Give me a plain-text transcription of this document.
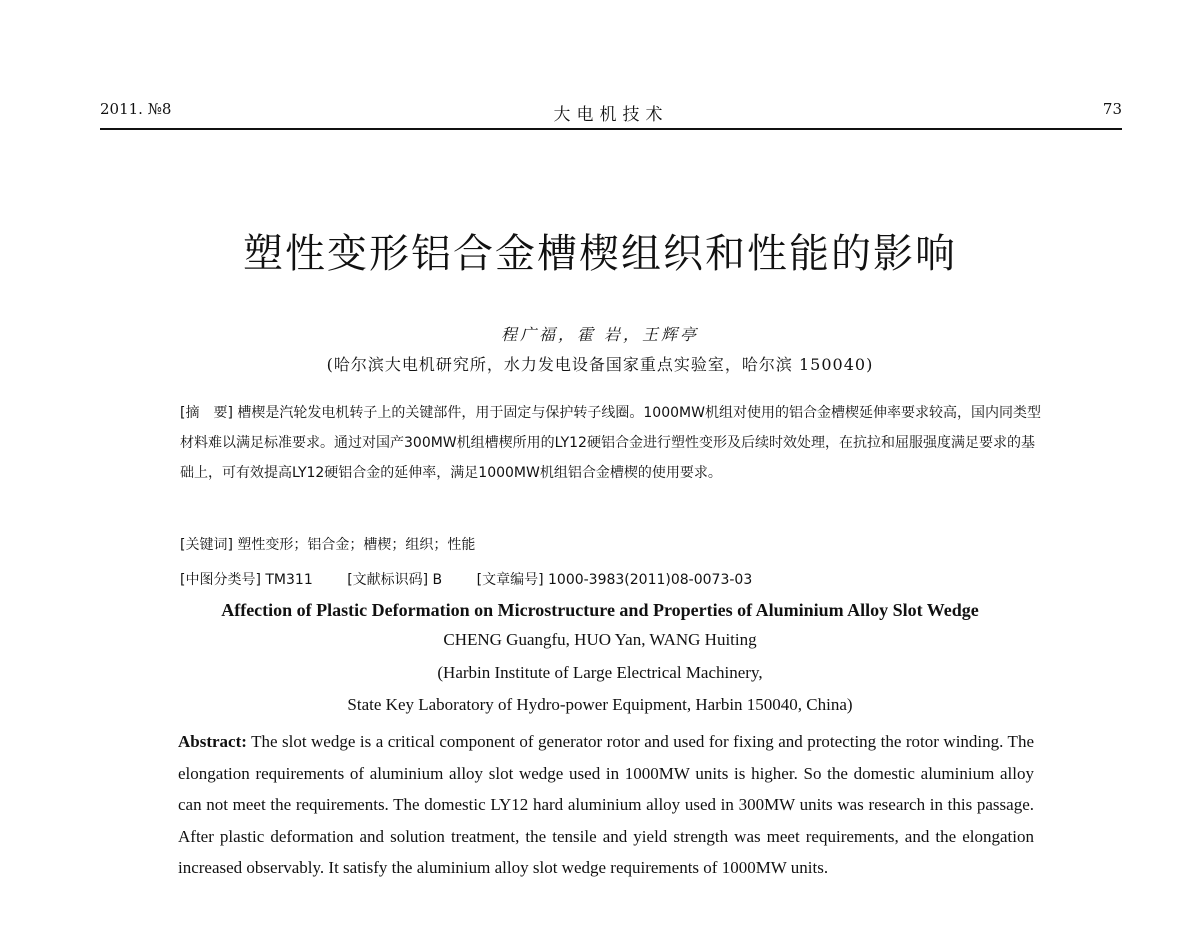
2011. №8	大电机技术	73
塑性变形铝合金槽楔组织和性能的影响
程广福，霍 岩，王辉亭
(哈尔滨大电机研究所，水力发电设备国家重点实验室，哈尔滨 150040)
[摘　要] 槽楔是汽轮发电机转子上的关键部件，用于固定与保护转子线圈。1000MW机组对使用的铝合金槽楔延伸率要求较高，国内同类型材料难以满足标准要求。通过对国产300MW机组槽楔所用的LY12硬铝合金进行塑性变形及后续时效处理，在抗拉和屈服强度满足要求的基础上，可有效提高LY12硬铝合金的延伸率，满足1000MW机组铝合金槽楔的使用要求。
[关键词] 塑性变形；铝合金；槽楔；组织；性能
[中图分类号] TM311 [文献标识码] B [文章编号] 1000-3983(2011)08-0073-03
Affection of Plastic Deformation on Microstructure and Properties of Aluminium Alloy Slot Wedge
CHENG Guangfu, HUO Yan, WANG Huiting
(Harbin Institute of Large Electrical Machinery,
State Key Laboratory of Hydro-power Equipment, Harbin 150040, China)
Abstract: The slot wedge is a critical component of generator rotor and used for fixing and protecting the rotor winding. The elongation requirements of aluminium alloy slot wedge used in 1000MW units is higher. So the domestic aluminium alloy can not meet the requirements. The domestic LY12 hard aluminium alloy used in 300MW units was research in this passage. After plastic deformation and solution treatment, the tensile and yield strength was meet requirements, and the elongation increased observably. It satisfy the aluminium alloy slot wedge requirements of 1000MW units.
